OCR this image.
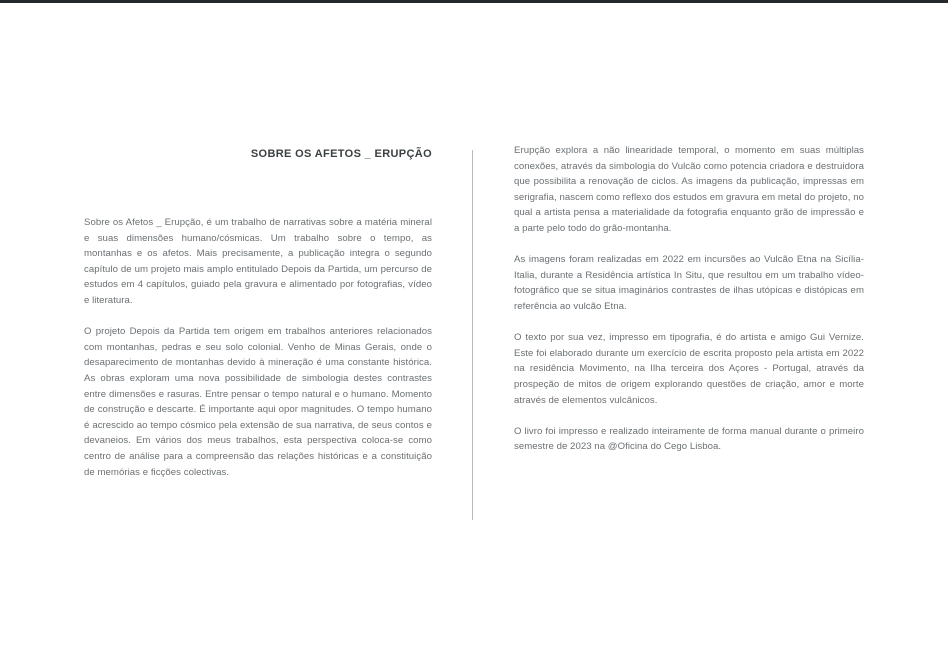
SOBRE OS AFETOS _ ERUPÇÃO

Sobre os Afetos _ Erupção, é um trabalho de narrativas sobre a matéria mineral e suas dimensões humano/cósmicas. Um trabalho sobre o tempo, as montanhas e os afetos. Mais precisamente, a publicação integra o segundo capítulo de um projeto mais amplo entitulado Depois da Partida, um percurso de estudos em 4 capítulos, guiado pela gravura e alimentado por fotografias, vídeo e literatura.

O projeto Depois da Partida tem origem em trabalhos anteriores relacionados com montanhas, pedras e seu solo colonial. Venho de Minas Gerais, onde o desaparecimento de montanhas devido à mineração é uma constante histórica. As obras exploram uma nova possibilidade de simbologia destes contrastes entre dimensões e rasuras. Entre pensar o tempo natural e o humano. Momento de construção e descarte. É importante aqui opor magnitudes. O tempo humano é acrescido ao tempo cósmico pela extensão de sua narrativa, de seus contos e devaneios. Em vários dos meus trabalhos, esta perspectiva coloca-se como centro de análise para a compreensão das relações históricas e a constituição de memórias e ficções colectivas.

Erupção explora a não linearidade temporal, o momento em suas múltiplas conexões, através da simbologia do Vulcão como potencia criadora e destruidora que possibilita a renovação de ciclos. As imagens da publicação, impressas em serigrafia, nascem como reflexo dos estudos em gravura em metal do projeto, no qual a artista pensa a materialidade da fotografia enquanto grão de impressão e a parte pelo todo do grão-montanha.

As imagens foram realizadas em 2022 em incursões ao Vulcão Etna na Sicília- Italia, durante a Residência artística In Situ, que resultou em um trabalho vídeo-fotográfico que se situa imaginários contrastes de ilhas utópicas e distópicas em referência ao vulcão Etna.

O texto por sua vez, impresso em tipografia, é do artista e amigo Gui Vernize. Este foi elaborado durante um exercício de escrita proposto pela artista em 2022 na residência Movimento, na Ilha terceira dos Açores - Portugal, através da prospeção de mitos de origem explorando questões de criação, amor e morte através de elementos vulcânicos.

O livro foi impresso e realizado inteiramente de forma manual durante o primeiro semestre de 2023 na @Oficina do Cego Lisboa.
